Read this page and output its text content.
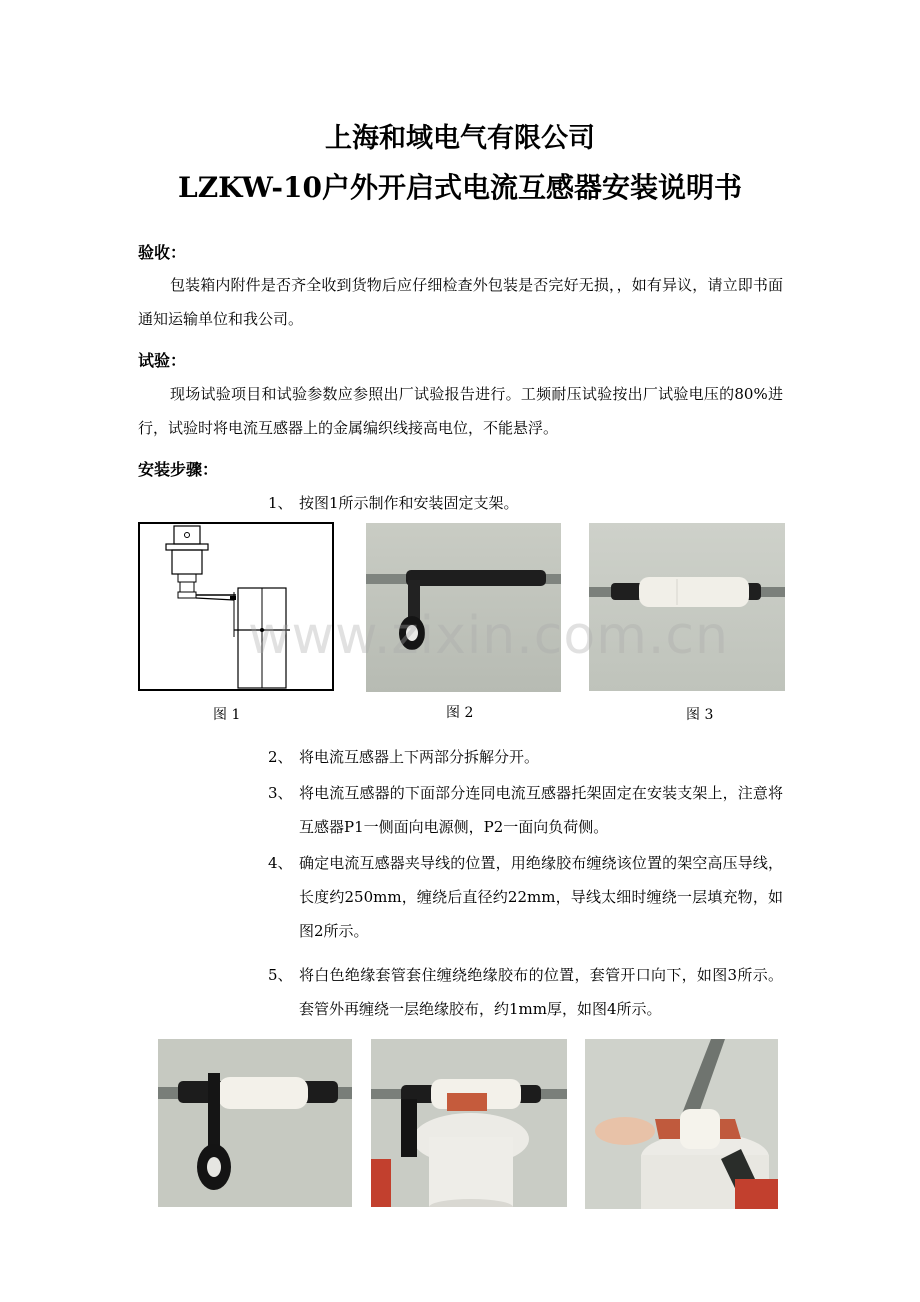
上海和域电气有限公司
LZKW-10户外开启式电流互感器安装说明书
验收：
包装箱内附件是否齐全收到货物后应仔细检查外包装是否完好无损，，如有异议，请立即书面通知运输单位和我公司。
试验：
现场试验项目和试验参数应参照出厂试验报告进行。工频耐压试验按出厂试验电压的80%进行，试验时将电流互感器上的金属编织线接高电位，不能悬浮。
安装步骤：
1、 按图1所示制作和安装固定支架。
www.zixin.com.cn
图 1	图 2	图 3
2、 将电流互感器上下两部分拆解分开。
3、 将电流互感器的下面部分连同电流互感器托架固定在安装支架上，注意将互感器P1一侧面向电源侧，P2一面向负荷侧。
4、 确定电流互感器夹导线的位置，用绝缘胶布缠绕该位置的架空高压导线，长度约250mm，缠绕后直径约22mm，导线太细时缠绕一层填充物，如图2所示。
5、 将白色绝缘套管套住缠绕绝缘胶布的位置，套管开口向下，如图3所示。套管外再缠绕一层绝缘胶布，约1mm厚，如图4所示。
